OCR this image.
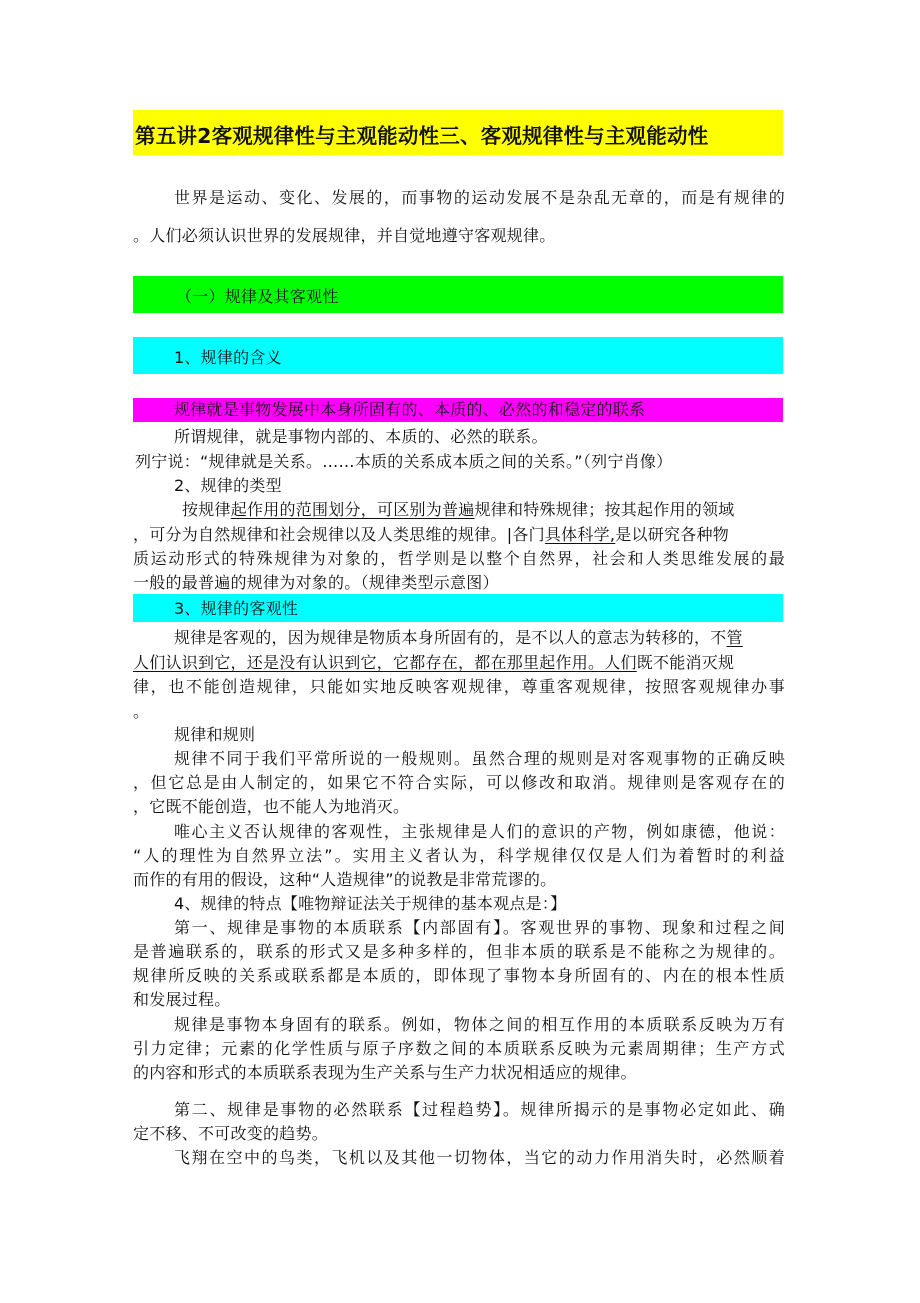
第五讲2客观规律性与主观能动性三、客观规律性与主观能动性
世界是运动、变化、发展的，而事物的运动发展不是杂乱无章的，而是有规律的
。人们必须认识世界的发展规律，并自觉地遵守客观规律。
（一）规律及其客观性
1、规律的含义
规律就是事物发展中本身所固有的、本质的、必然的和稳定的联系
所谓规律，就是事物内部的、本质的、必然的联系。
列宁说：“规律就是关系。……本质的关系成本质之间的关系。”（列宁肖像）
2、规律的类型
按规律起作用的范围划分，可区别为普遍规律和特殊规律；按其起作用的领域
，可分为自然规律和社会规律以及人类思维的规律。|各门具体科学,是以研究各种物
质运动形式的特殊规律为对象的，哲学则是以整个自然界，社会和人类思维发展的最
一般的最普遍的规律为对象的。（规律类型示意图）
3、规律的客观性
规律是客观的，因为规律是物质本身所固有的，是不以人的意志为转移的，不管
人们认识到它，还是没有认识到它，它都存在，都在那里起作用。人们既不能消灭规
律，也不能创造规律，只能如实地反映客观规律，尊重客观规律，按照客观规律办事
。
规律和规则
规律不同于我们平常所说的一般规则。虽然合理的规则是对客观事物的正确反映
，但它总是由人制定的，如果它不符合实际，可以修改和取消。规律则是客观存在的
，它既不能创造，也不能人为地消灭。
唯心主义否认规律的客观性，主张规律是人们的意识的产物，例如康德，他说：
“人的理性为自然界立法”。实用主义者认为，科学规律仅仅是人们为着暂时的利益
而作的有用的假设，这种“人造规律”的说教是非常荒谬的。
4、规律的特点【唯物辩证法关于规律的基本观点是：】
第一、规律是事物的本质联系【内部固有】。客观世界的事物、现象和过程之间
是普遍联系的，联系的形式又是多种多样的，但非本质的联系是不能称之为规律的。
规律所反映的关系或联系都是本质的，即体现了事物本身所固有的、内在的根本性质
和发展过程。
规律是事物本身固有的联系。例如，物体之间的相互作用的本质联系反映为万有
引力定律；元素的化学性质与原子序数之间的本质联系反映为元素周期律；生产方式
的内容和形式的本质联系表现为生产关系与生产力状况相适应的规律。
第二、规律是事物的必然联系【过程趋势】。规律所揭示的是事物必定如此、确
定不移、不可改变的趋势。
飞翔在空中的鸟类，飞机以及其他一切物体，当它的动力作用消失时，必然顺着
